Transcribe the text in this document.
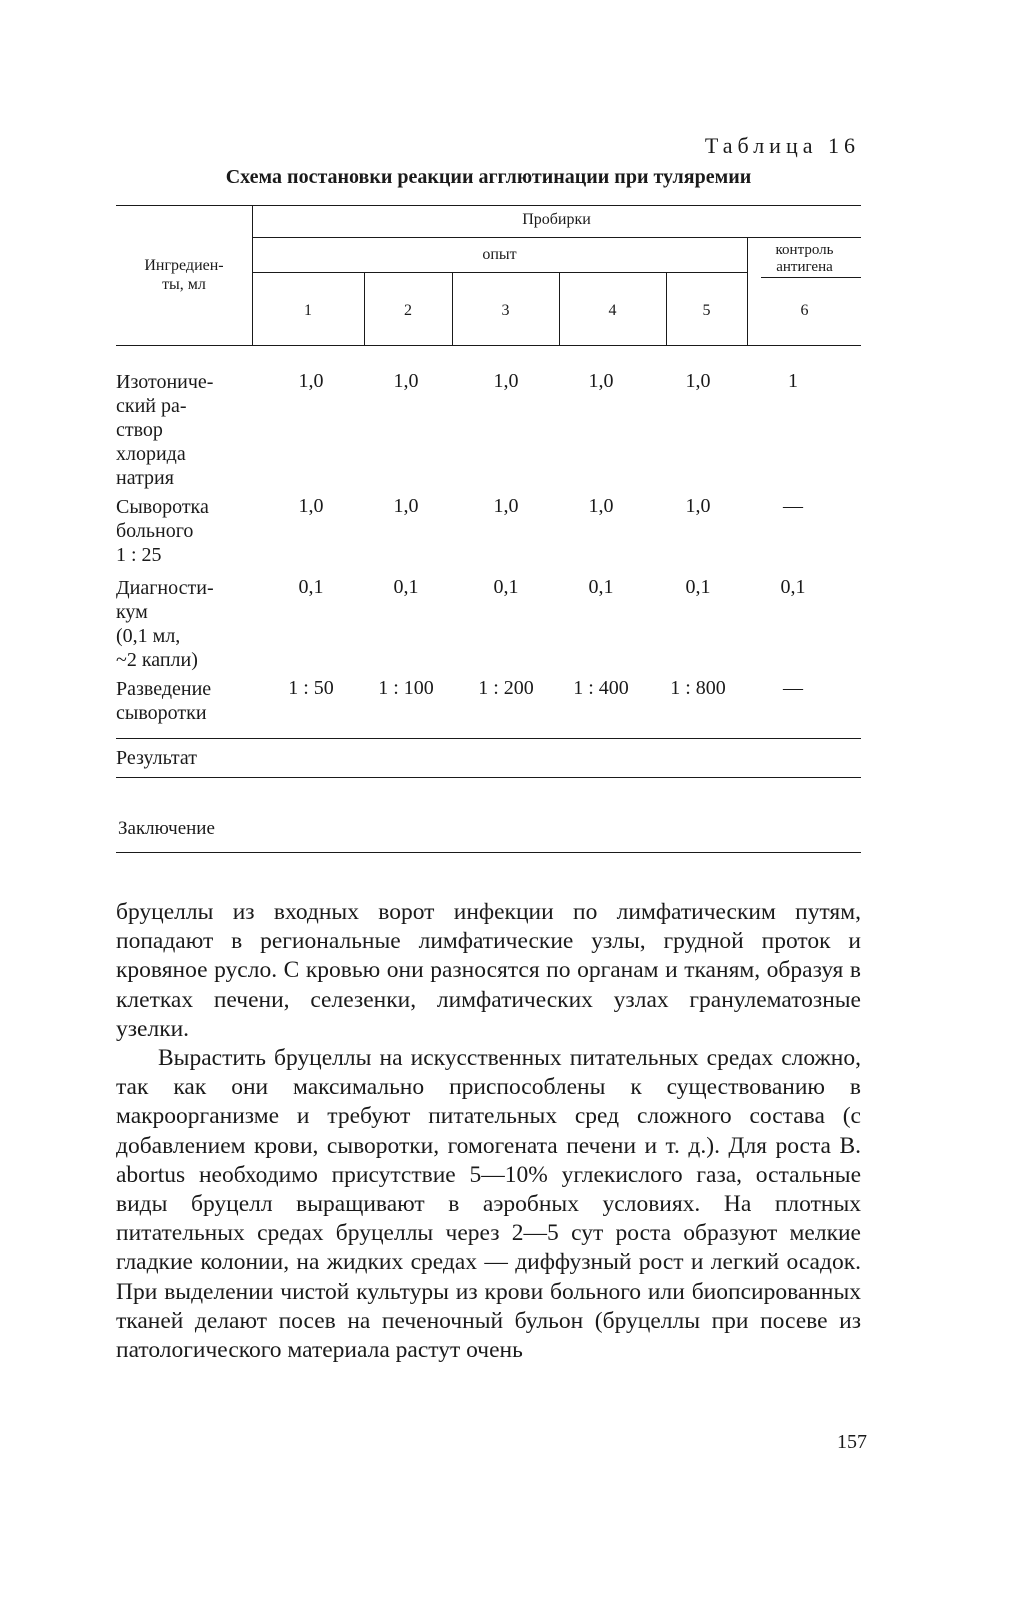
Таблица 16
Схема постановки реакции агглютинации при туляремии
Ингредиен-
ты, мл
Пробирки
опыт	контроль
антигена
1	2	3	4	5	6
Изотониче-
ский ра-
створ
хлорида
натрия
1,0	1,0	1,0	1,0	1,0	1
Сыворотка
больного
1 : 25
1,0	1,0	1,0	1,0	1,0	—
Диагности-
кум
(0,1 мл,
~2 капли)
0,1	0,1	0,1	0,1	0,1	0,1
Разведение
сыворотки
1 : 50	1 : 100	1 : 200	1 : 400	1 : 800	—
Результат
Заключение

бруцеллы из входных ворот инфекции по лимфатическим путям, попадают в региональные лимфатические узлы, грудной проток и кровяное русло. С кровью они разносятся по органам и тканям, образуя в клетках печени, селезенки, лимфатических узлах гранулематозные узелки.

Вырастить бруцеллы на искусственных питательных средах сложно, так как они максимально приспособлены к существованию в макроорганизме и требуют питательных сред сложного состава (с добавлением крови, сыворотки, гомогената печени и т. д.). Для роста B. abortus необходимо присутствие 5—10% углекислого газа, остальные виды бруцелл выращивают в аэробных условиях. На плотных питательных средах бруцеллы через 2—5 сут роста образуют мелкие гладкие колонии, на жидких средах — диффузный рост и легкий осадок. При выделении чистой культуры из крови больного или биопсированных тканей делают посев на печеночный бульон (бруцеллы при посеве из патологического материала растут очень

157
